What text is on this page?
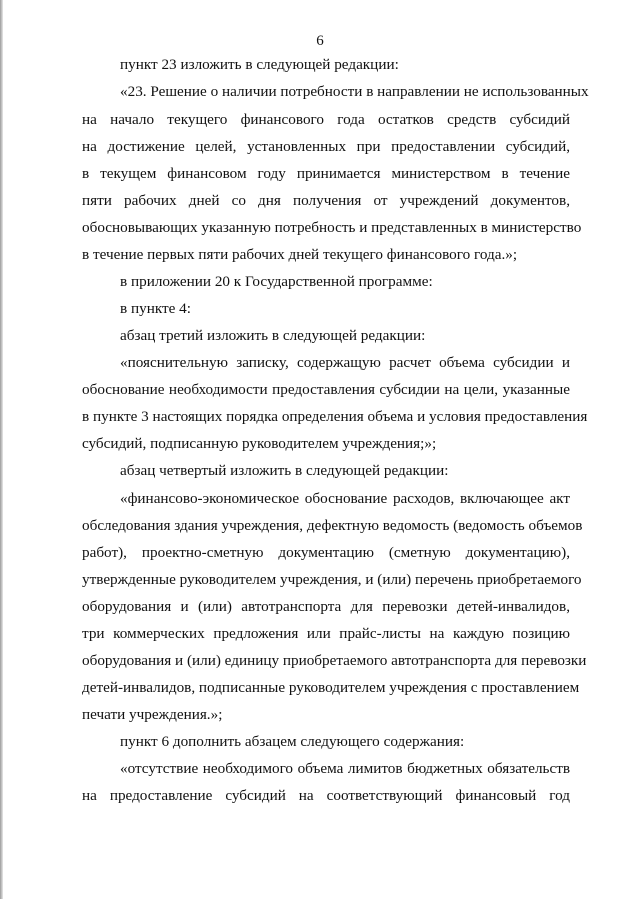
6
пункт 23 изложить в следующей редакции:
«23. Решение о наличии потребности в направлении не использованных
на начало текущего финансового года остатков средств субсидий
на достижение целей, установленных при предоставлении субсидий,
в текущем финансовом году принимается министерством в течение
пяти рабочих дней со дня получения от учреждений документов,
обосновывающих указанную потребность и представленных в министерство
в течение первых пяти рабочих дней текущего финансового года.»;
в приложении 20 к Государственной программе:
в пункте 4:
абзац третий изложить в следующей редакции:
«пояснительную записку, содержащую расчет объема субсидии и
обоснование необходимости предоставления субсидии на цели, указанные
в пункте 3 настоящих порядка определения объема и условия предоставления
субсидий, подписанную руководителем учреждения;»;
абзац четвертый изложить в следующей редакции:
«финансово-экономическое обоснование расходов, включающее акт
обследования здания учреждения, дефектную ведомость (ведомость объемов
работ), проектно-сметную документацию (сметную документацию),
утвержденные руководителем учреждения, и (или) перечень приобретаемого
оборудования и (или) автотранспорта для перевозки детей-инвалидов,
три коммерческих предложения или прайс-листы на каждую позицию
оборудования и (или) единицу приобретаемого автотранспорта для перевозки
детей-инвалидов, подписанные руководителем учреждения с проставлением
печати учреждения.»;
пункт 6 дополнить абзацем следующего содержания:
«отсутствие необходимого объема лимитов бюджетных обязательств
на предоставление субсидий на соответствующий финансовый год
